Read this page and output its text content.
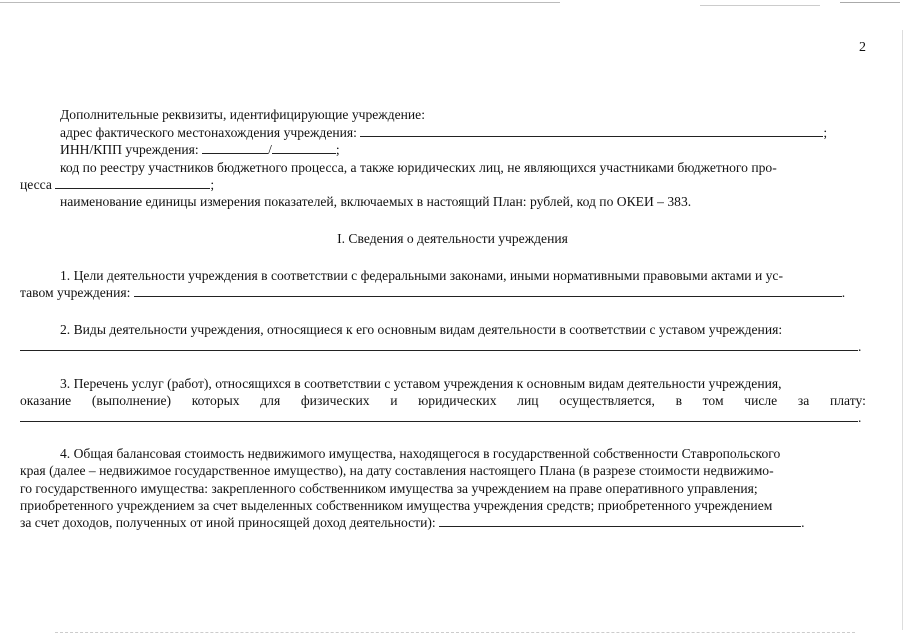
2
Дополнительные реквизиты, идентифицирующие учреждение:
адрес фактического местонахождения учреждения:	;
ИНН/КПП учреждения:	/	;
код по реестру участников бюджетного процесса, а также юридических лиц, не являющихся участниками бюджетного про-
цесса	;
наименование единицы измерения показателей, включаемых в настоящий План: рублей, код по ОКЕИ – 383.
I. Сведения о деятельности учреждения
1. Цели деятельности учреждения в соответствии с федеральными законами, иными нормативными правовыми актами и ус-
тавом учреждения:	.
2. Виды деятельности учреждения, относящиеся к его основным видам деятельности в соответствии с уставом учреждения:
.
3. Перечень услуг (работ), относящихся в соответствии с уставом учреждения к основным видам деятельности учреждения,
оказание (выполнение) которых для физических и юридических лиц осуществляется, в том числе за плату:
.
4. Общая балансовая стоимость недвижимого имущества, находящегося в государственной собственности Ставропольского
края (далее – недвижимое государственное имущество), на дату составления настоящего Плана (в разрезе стоимости недвижимо-
го государственного имущества: закрепленного собственником имущества за учреждением на праве оперативного управления;
приобретенного учреждением за счет выделенных собственником имущества учреждения средств; приобретенного учреждением
за счет доходов, полученных от иной приносящей доход деятельности):	.
